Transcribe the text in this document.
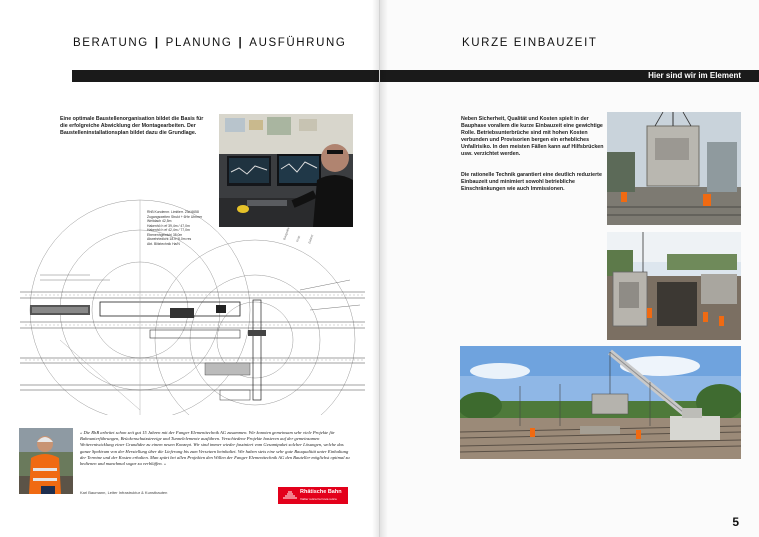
BERATUNG | PLANUNG | AUSFÜHRUNG
Eine optimale Baustellenorganisation bildet die Basis für die erfolgreiche Abwicklung der Montagearbeiten. Der Baustelleninstallationsplan bildet dazu die Grundlage.
Baugrube Kran Zufahrt
RhB Kundennr. Limitierr. 23d 6658
Zugangsweiten Strukt + 6He Uhrmer
Weitdach 42,5m
Hakenhö h ef 39,4m / 47,0m
Hakenhö h ef 42,4m / 77,0m
Ebenenhgewichi 38,0m
Abwehrtedicht 18.0+8,0m res
Abt. Blitztechnik Ha/N
« Die RhB arbeitet schon seit gut 15 Jahren mit der Fanger Elementtechnik AG zusammen. Wir konnten gemeinsam sehr viele Projekte für Bahnunterführungen, Brückenschutzstreeige und Tunnelelemente ausführen. Verschiedene Projekte basieren auf der gemeinsamen Weiterentwicklung einer Grundidee zu einem neuen Konzept. Wir sind immer wieder fasziniert vom Gesamtpaket solcher Lösungen, welche das ganze Spektrum von der Herstellung über die Lieferung bis zum Versetzen beinhaltet. Wir haben stets eine sehr gute Bauqualität unter Einhaltung der Termine und der Kosten erhalten. Man spürt bei allen Projekten den Willen der Fanger Elementtechnik AG den Bauteller möglichst optimal zu bedienen und manchmal sogar zu verblüffen. »
Karl Baumann, Leiter Infrastruktur & Kunstbauten	Rhätische Bahn
Viafier retica Ferrovia retica
KURZE EINBAUZEIT
Hier sind wir im Element
Neben Sicherheit, Qualität und Kosten spielt in der Bauphase vorallem die kurze Einbauzeit eine gewichtige Rolle. Betriebsunterbrüche sind mit hohen Kosten verbunden und Provisorien bergen ein erhebliches Unfallrisiko. In den meisten Fällen kann auf Hilfsbrücken usw. verzichtet werden.
Die rationelle Technik garantiert eine deutlich reduzierte Einbauzeit und minimiert sowohl betriebliche Einschränkungen wie auch Immissionen.
5
